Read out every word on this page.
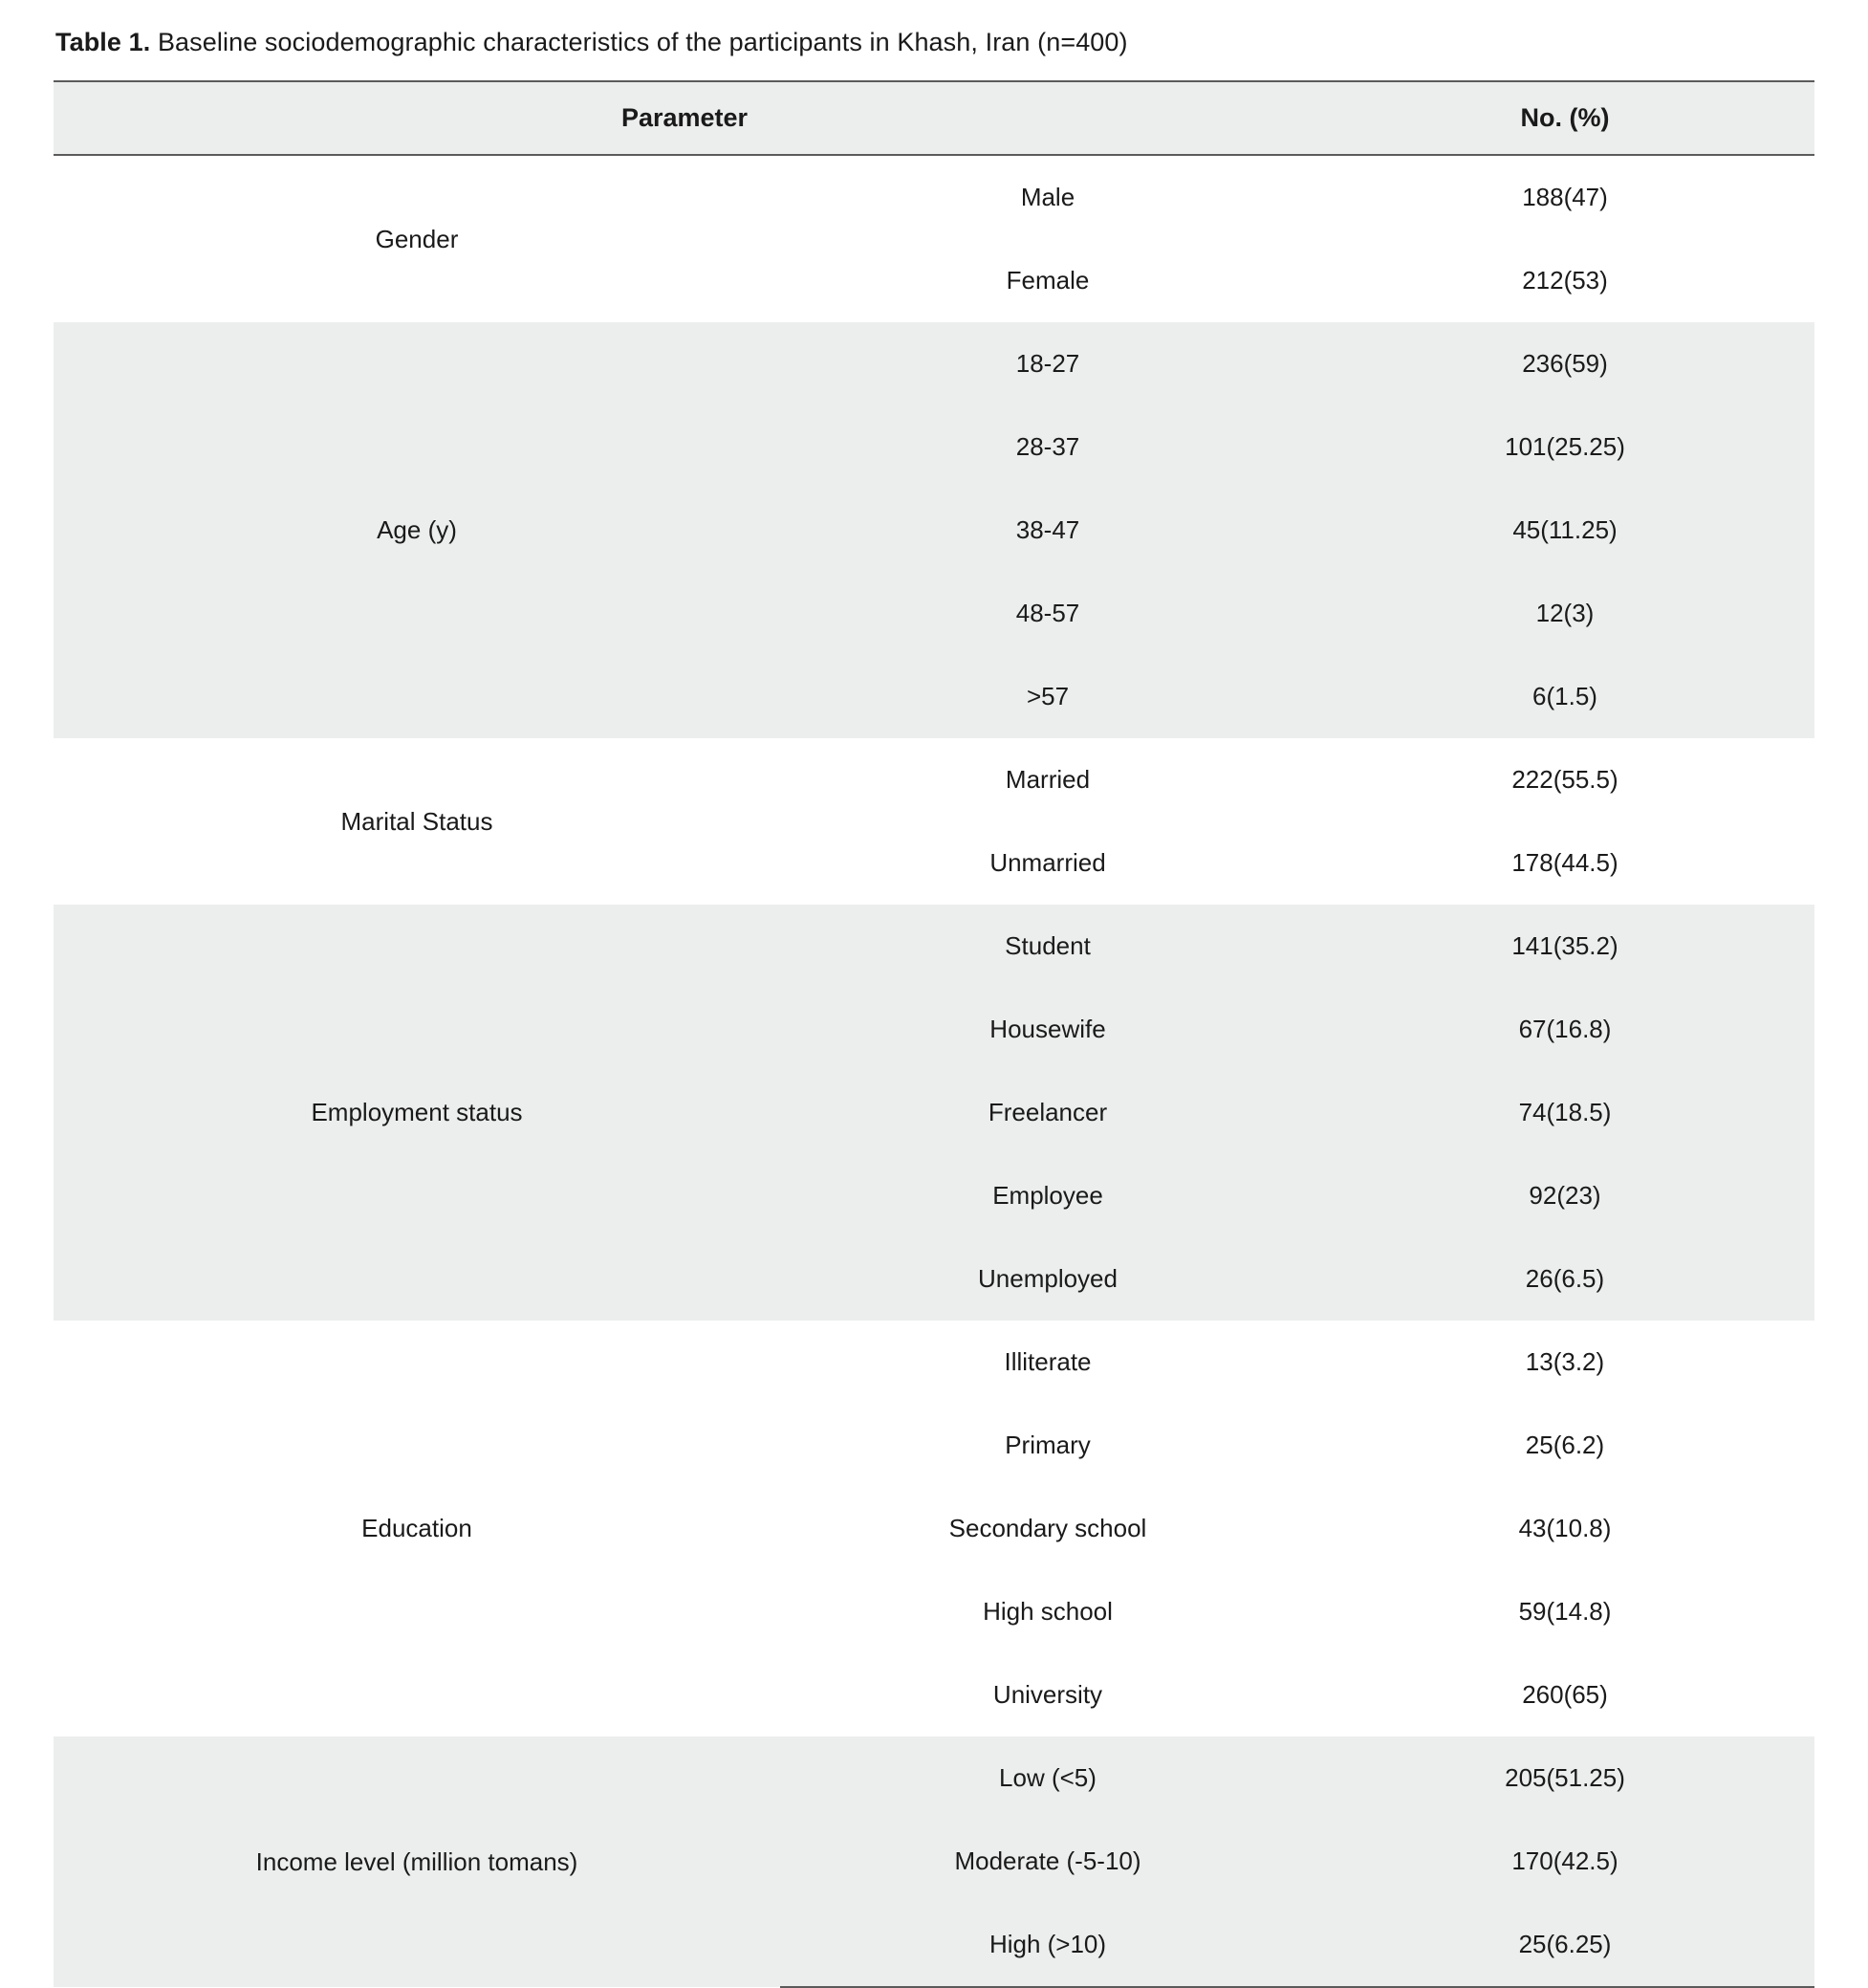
Table 1. Baseline sociodemographic characteristics of the participants in Khash, Iran (n=400)

Parameter		No. (%)
Gender	Male	188(47)
	Female	212(53)
Age (y)	18-27	236(59)
	28-37	101(25.25)
	38-47	45(11.25)
	48-57	12(3)
	>57	6(1.5)
Marital Status	Married	222(55.5)
	Unmarried	178(44.5)
Employment status	Student	141(35.2)
	Housewife	67(16.8)
	Freelancer	74(18.5)
	Employee	92(23)
	Unemployed	26(6.5)
Education	Illiterate	13(3.2)
	Primary	25(6.2)
	Secondary school	43(10.8)
	High school	59(14.8)
	University	260(65)
Income level (million tomans)	Low (<5)	205(51.25)
	Moderate (-5-10)	170(42.5)
	High (>10)	25(6.25)
